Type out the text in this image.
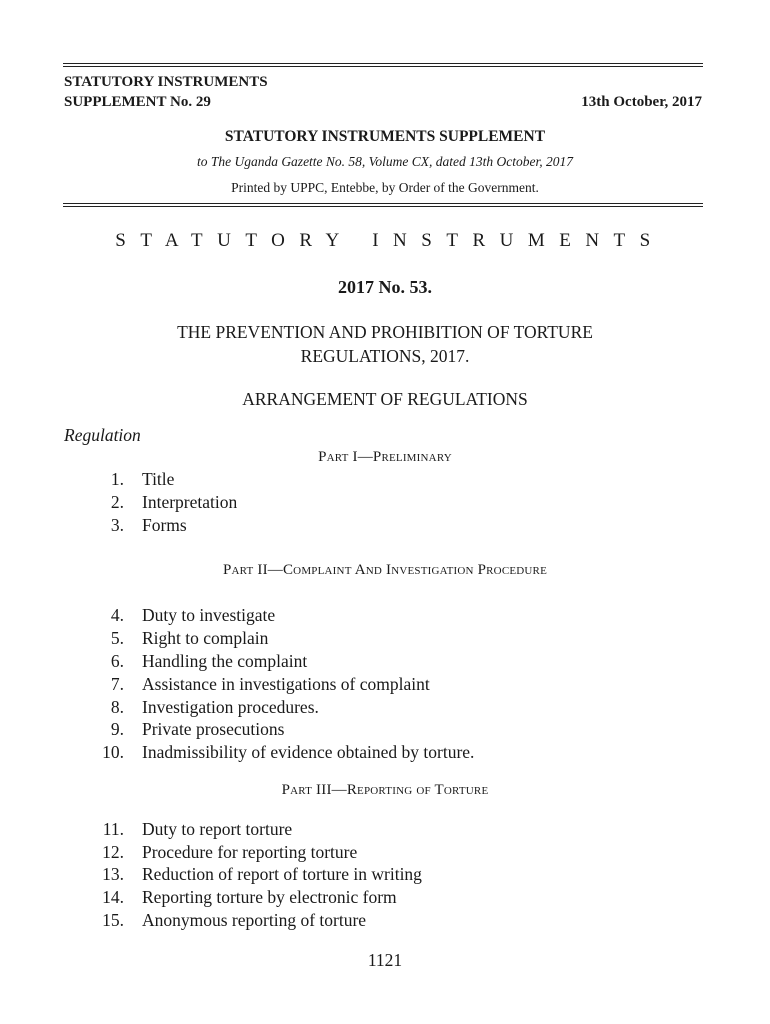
STATUTORY INSTRUMENTS
SUPPLEMENT No. 29	13th October, 2017
STATUTORY INSTRUMENTS SUPPLEMENT
to The Uganda Gazette No. 58, Volume CX, dated 13th October, 2017
Printed by UPPC, Entebbe, by Order of the Government.
STATUTORY INSTRUMENTS
2017 No. 53.
THE PREVENTION AND PROHIBITION OF TORTURE
REGULATIONS, 2017.
ARRANGEMENT OF REGULATIONS
Regulation
Part I—Preliminary
1. Title
2. Interpretation
3. Forms
Part II—Complaint And Investigation Procedure
4. Duty to investigate
5. Right to complain
6. Handling the complaint
7. Assistance in investigations of complaint
8. Investigation procedures.
9. Private prosecutions
10. Inadmissibility of evidence obtained by torture.
Part III—Reporting of Torture
11. Duty to report torture
12. Procedure for reporting torture
13. Reduction of report of torture in writing
14. Reporting torture by electronic form
15. Anonymous reporting of torture
1121
